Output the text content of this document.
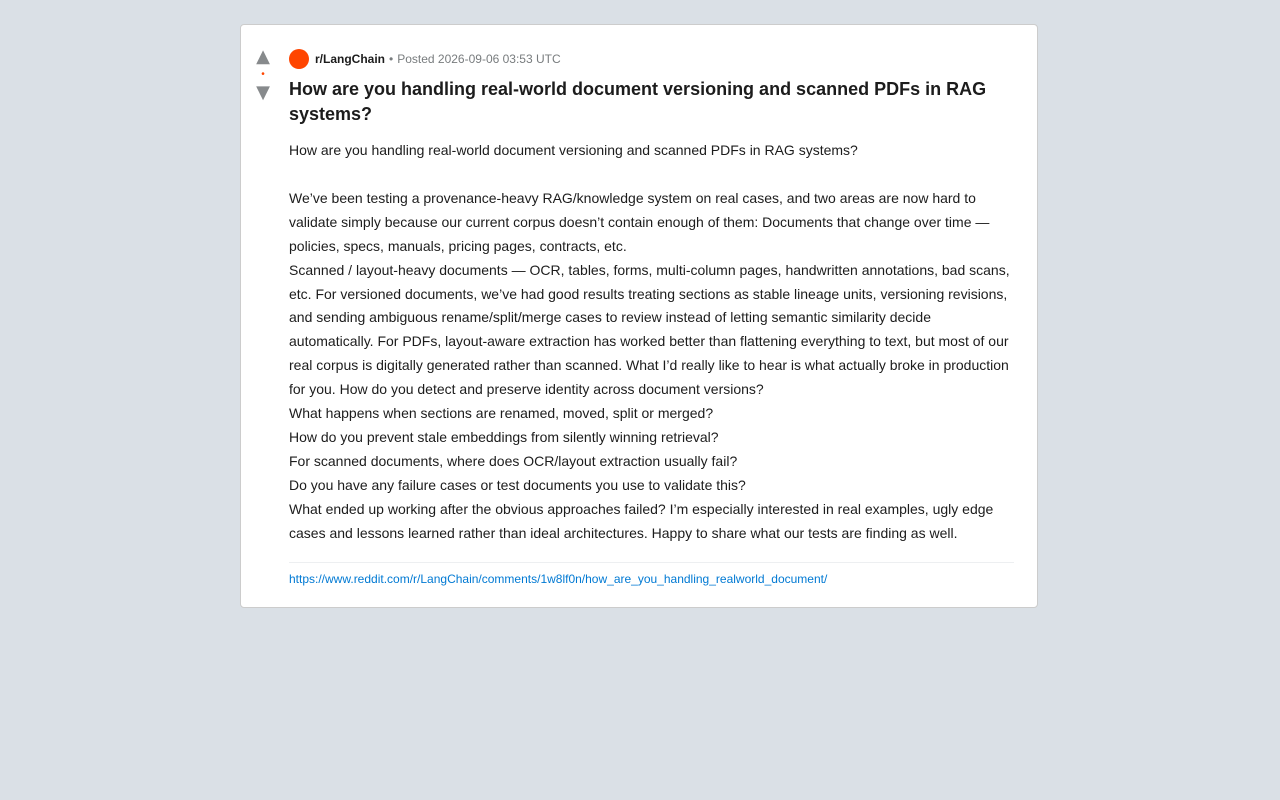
▲
•
▼
r/LangChain • Posted 2026-09-06 03:53 UTC
How are you handling real-world document versioning and scanned PDFs in RAG systems?

How are you handling real-world document versioning and scanned PDFs in RAG systems?

We’ve been testing a provenance-heavy RAG/knowledge system on real cases, and two areas are now hard to validate simply because our current corpus doesn’t contain enough of them: Documents that change over time — policies, specs, manuals, pricing pages, contracts, etc.

Scanned / layout-heavy documents — OCR, tables, forms, multi-column pages, handwritten annotations, bad scans, etc. For versioned documents, we’ve had good results treating sections as stable lineage units, versioning revisions, and sending ambiguous rename/split/merge cases to review instead of letting semantic similarity decide automatically. For PDFs, layout-aware extraction has worked better than flattening everything to text, but most of our real corpus is digitally generated rather than scanned. What I’d really like to hear is what actually broke in production for you. How do you detect and preserve identity across document versions?

What happens when sections are renamed, moved, split or merged?

How do you prevent stale embeddings from silently winning retrieval?

For scanned documents, where does OCR/layout extraction usually fail?

Do you have any failure cases or test documents you use to validate this?

What ended up working after the obvious approaches failed? I’m especially interested in real examples, ugly edge cases and lessons learned rather than ideal architectures. Happy to share what our tests are finding as well.

https://www.reddit.com/r/LangChain/comments/1w8lf0n/how_are_you_handling_realworld_document/
